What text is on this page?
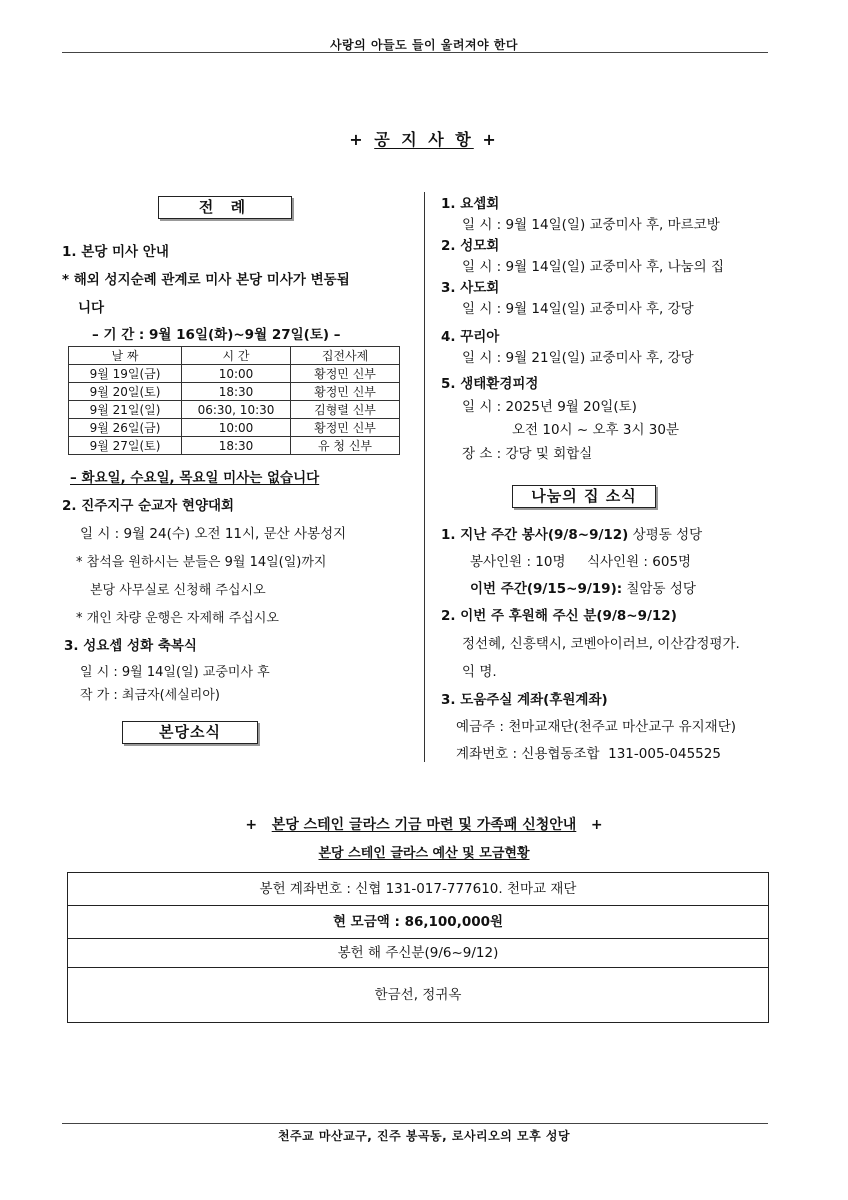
사랑의 아들도 들이 울려져야 한다
+ 공 지 사 항 +
전 례
1. 본당 미사 안내
* 해외 성지순례 관계로 미사 본당 미사가 변동됩
니다
– 기 간 : 9월 16일(화)~9월 27일(토) –
날 짜	시 간	집전사제
9월 19일(금)	10:00	황정민 신부
9월 20일(토)	18:30	황정민 신부
9월 21일(일)	06:30, 10:30	김형렬 신부
9월 26일(금)	10:00	황정민 신부
9월 27일(토)	18:30	유 청 신부
– 화요일, 수요일, 목요일 미사는 없습니다
2. 진주지구 순교자 현양대회
일 시 : 9월 24(수) 오전 11시, 문산 사봉성지
* 참석을 원하시는 분들은 9월 14일(일)까지
본당 사무실로 신청해 주십시오
* 개인 차량 운행은 자제해 주십시오
3. 성요셉 성화 축복식
일 시 : 9월 14일(일) 교중미사 후
작 가 : 최금자(세실리아)
본당소식
1. 요셉회
일 시 : 9월 14일(일) 교중미사 후, 마르코방
2. 성모회
일 시 : 9월 14일(일) 교중미사 후, 나눔의 집
3. 사도회
일 시 : 9월 14일(일) 교중미사 후, 강당
4. 꾸리아
일 시 : 9월 21일(일) 교중미사 후, 강당
5. 생태환경피정
일 시 : 2025년 9월 20일(토)
오전 10시 ~ 오후 3시 30분
장 소 : 강당 및 회합실
나눔의 집 소식
1. 지난 주간 봉사(9/8~9/12) 상평동 성당
봉사인원 : 10명     식사인원 : 605명
이번 주간(9/15~9/19): 칠암동 성당
2. 이번 주 후원해 주신 분(9/8~9/12)
정선혜, 신흥택시, 코벤아이러브, 이산감정평가.
익 명.
3. 도움주실 계좌(후원계좌)
예금주 : 천마교재단(천주교 마산교구 유지재단)
계좌번호 : 신용협동조합  131-005-045525
+ 본당 스테인 글라스 기금 마련 및 가족패 신청안내 +
본당 스테인 글라스 예산 및 모금현황
봉헌 계좌번호 : 신협 131-017-777610. 천마교 재단
현 모금액 : 86,100,000원
봉헌 해 주신분(9/6~9/12)
한금선, 정귀옥
천주교 마산교구, 진주 봉곡동, 로사리오의 모후 성당
